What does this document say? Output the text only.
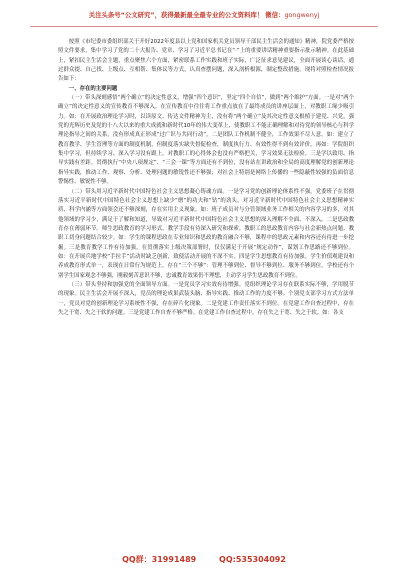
关注头条号“公文研究”，获得最新最全最专业的公文资料库！ 微信：gongwenyj

按照《市纪委市委组织部关于开好2022年度县以上党和国家机关党员领导干部民主生活会的通知》精神，院党委严格按照文件要求，集中学习了党的二十大报告、党章、学习了习近平总书记在“·”上的重要讲话精神重要指示批示精神。在此基础上，紧扣民主生活会主题，重点聚焦六个方面，紧密联系工作实践和班子实际，广泛征求意见建议，全面开展谈心谈话，通过群众提、自己找、上级点、互相帮、集体议等方式，认真查摆问题，深入剖析根源，制定整改措施。现将对照检查情况报告如下：

一、存在的主要问题

（一）带头深刻感悟“两个确立”的决定性意义，增强“四个意识”，坚定“四个自信”，做到“两个维护”方面。一是对“两个确立”的决定性意义的宣传教育不够深入。在宣传教育中往往将工作重点放在了最终成员的讲座层面上，对教职工缘少吸引力。如：在开展政治理论学习时，以读原文、传达文件精神为主，没有将“两个确立”及其决定性意义根植于建党、兴党，强党的光辉历史及党的十八大以来的重大成就和新时代10年的伟大变革上，使教职工不能正确理解和对待党的领导核心与科学理论指导之间的关系，没有形成真正形成“过广识与共同行动”。二是团队工作机制不健全，工作效果不尽人意。如：建立了教育教学、学生管理等方面的制度机制，但制度落实缺失督促检查，制度执行力、有效性得不到有效评价。再如：学院组织集中学习，但持续学习、深入学习没有跟上，对教职工的心得体会也没有严格把关，学习效果无法检验。三是学以致用、指导实践有差距。贯彻执行“中央八项规定”、“三会一课”等方面还有不到位，没有站在讲政治和全局的高度理解党的创新理论指导实践，推动工作、观察、分析、处理问题的敏锐性还不够强；对社会上特别是网络上传播的一些隐蔽性较强的负面信息警惕性、敏锐性不够。

（二）带头用习近平新时代中国特色社会主义思想凝心铸魂方面。一是学习党的创新理论体系性不强。党委班子在贯彻落实习近平新时代中国特色社会主义思想上缺少“磨”的功夫和“钻”的劲头，对习近平新时代中国特色社会主义思想精神实质、科学内涵等方面领会还不够深刻，存在实用主义现象。如：班子成员对与分管领域业务工作相关的内容学习的多，对其他领域的学习少，满足于了解和知道，导致对习近平新时代中国特色社会主义思想的深入理解不全面、不深入。二是思政教育存在薄弱环节。师生思政教育的学习形式、教学手段有待深入研究和探索。教职工的思政教育内容与社会新热点问题、教职工切身问题结合较少。如：学生的课程思政在专业知识和思政的教育融合不够，课程中的思政元素和内容还有待进一步挖掘。三是教育教学工作有待加强。在贯彻落实上级决策部署时，仅仅满足于开展“规定动作”，谋划工作思路还不够到位。如：在开展兵地学校“手拉手”活动时缺乏创新，致使活动开展的不深不实。四是学生思想教育有待加强。学生价值观建设和养成教育形式单一，表现在日常行为规范上，存在“三个不够”：管理不够到位、督导不够到位、服务不够到位。学校还有个别学生国家观念不够强，刚毅刻苦意识不够，忠诚教育效果仍不理想，主动学习学生思政教育不到位。

（三）带头坚持和加强党的全面领导方面。一是党员学习实效有待增强。党组织理论学习存在联系实际不够，学用脱节的现象。民主生活会开展不深入，党员的理论成果武装头脑、指导实践、推动工作的力度不够。个别党支部学习方式方法单一，党员对党的创新理论学习系统性不强，存在碎片化现象。二是党建工作责任落实不到位。在党建工作自查过程中，存在失之于宽、失之于软的问题。三是党建工作自查不够严格。在党建工作自查过程中，存在失之于宽、失之于软。如：各支

QQ群：31991489	QQ:535304092
